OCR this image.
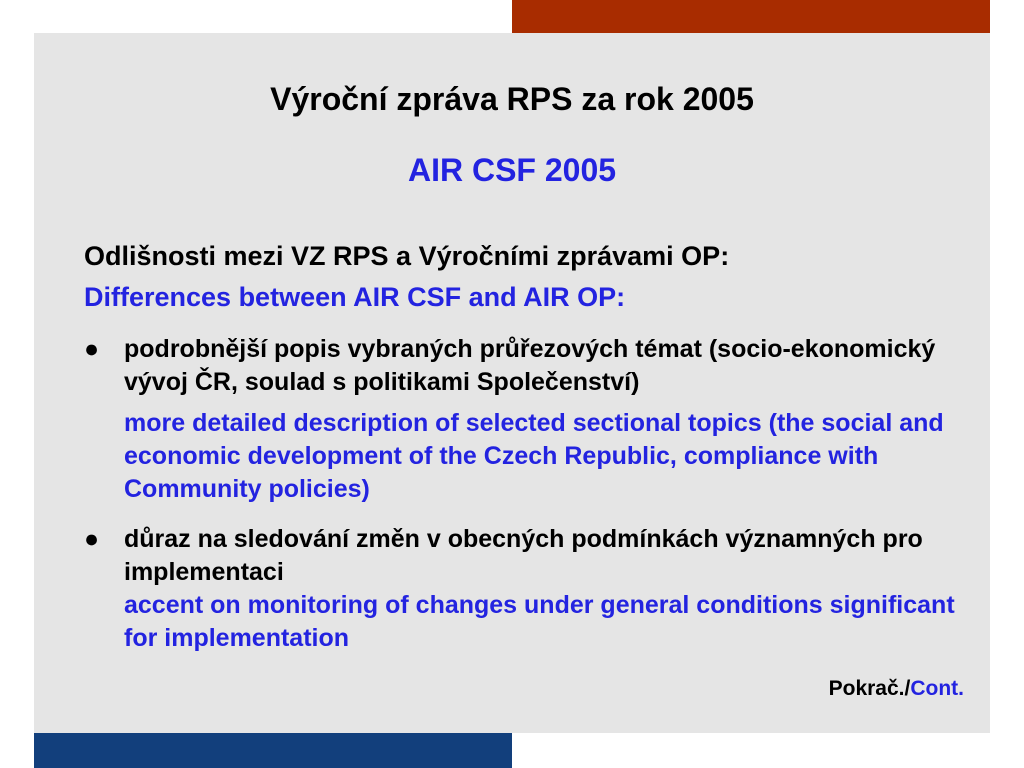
Výroční zpráva RPS za rok 2005
AIR CSF 2005
Odlišnosti mezi VZ RPS a Výročními zprávami OP:
Differences between AIR CSF and AIR OP:
● podrobnější popis vybraných průřezových témat (socio-ekonomický vývoj ČR, soulad s politikami Společenství)
more detailed description of selected sectional topics (the social and economic development of the Czech Republic, compliance with Community policies)
● důraz na sledování změn v obecných podmínkách významných pro implementaci
accent on monitoring of changes under general conditions significant for implementation
Pokrač./Cont.
